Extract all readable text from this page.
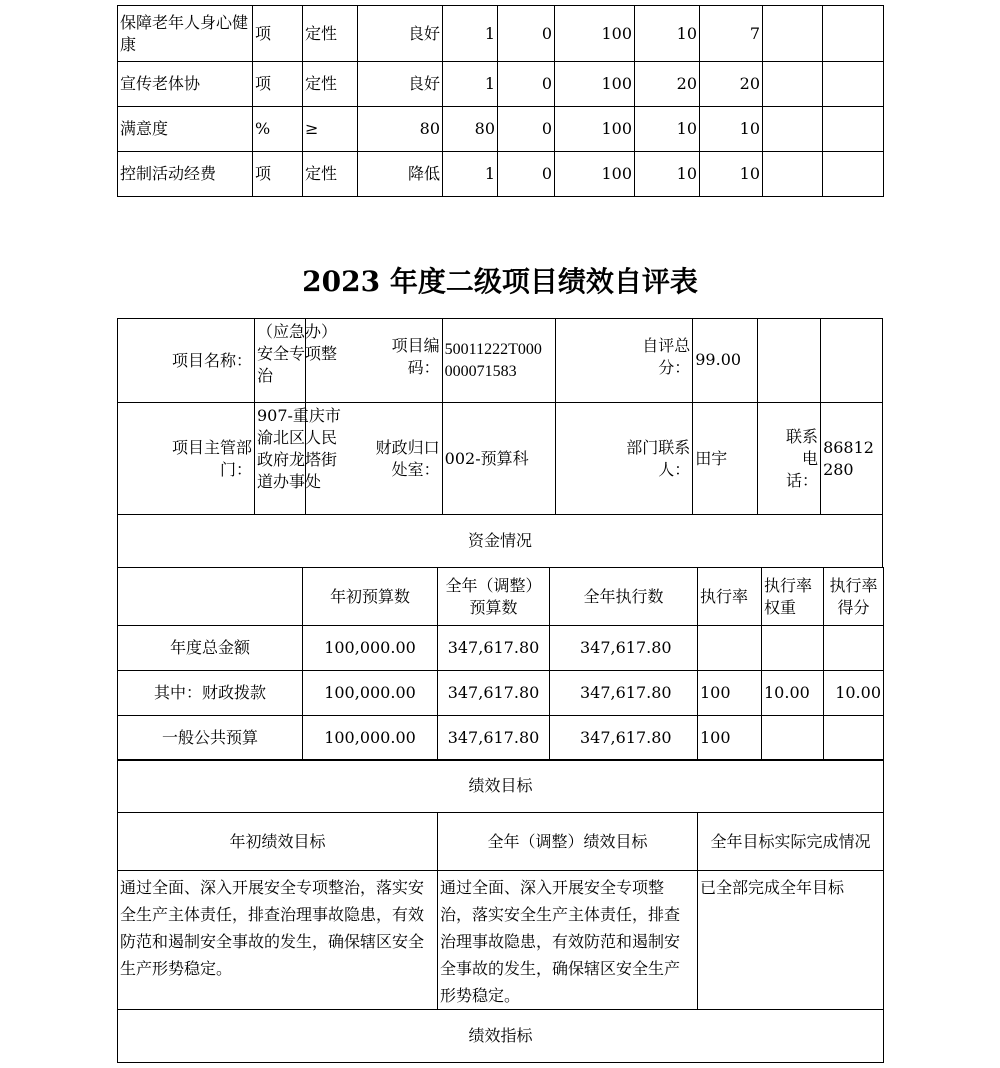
保障老年人身心健康	项	定性	良好	1	0	100	10	7		
宣传老体协	项	定性	良好	1	0	100	20	20		
满意度	%	≥	80	80	0	100	10	10		
控制活动经费	项	定性	降低	1	0	100	10	10		
2023 年度二级项目绩效自评表
项目名称：	（应急办）安全专项整治	项目编码：	50011222T000000071583	自评总分：	99.00		

项目主管部门：	907-重庆市渝北区人民政府龙塔街道办事处	财政归口处室：	002-预算科	部门联系人：	田宇	联系电话：	86812280

资金情况							
	年初预算数	全年（调整）预算数	全年执行数	执行率	执行率权重	执行率得分
年度总金额	100,000.00	347,617.80	347,617.80			
其中：财政拨款	100,000.00	347,617.80	347,617.80	100	10.00	10.00
一般公共预算	100,000.00	347,617.80	347,617.80	100		
绩效目标		
年初绩效目标	全年（调整）绩效目标	全年目标实际完成情况

通过全面、深入开展安全专项整治，落实安全生产主体责任，排查治理事故隐患，有效防范和遏制安全事故的发生，确保辖区安全生产形势稳定。	通过全面、深入开展安全专项整治，落实安全生产主体责任，排查治理事故隐患，有效防范和遏制安全事故的发生，确保辖区安全生产形势稳定。	已全部完成全年目标
绩效指标		
